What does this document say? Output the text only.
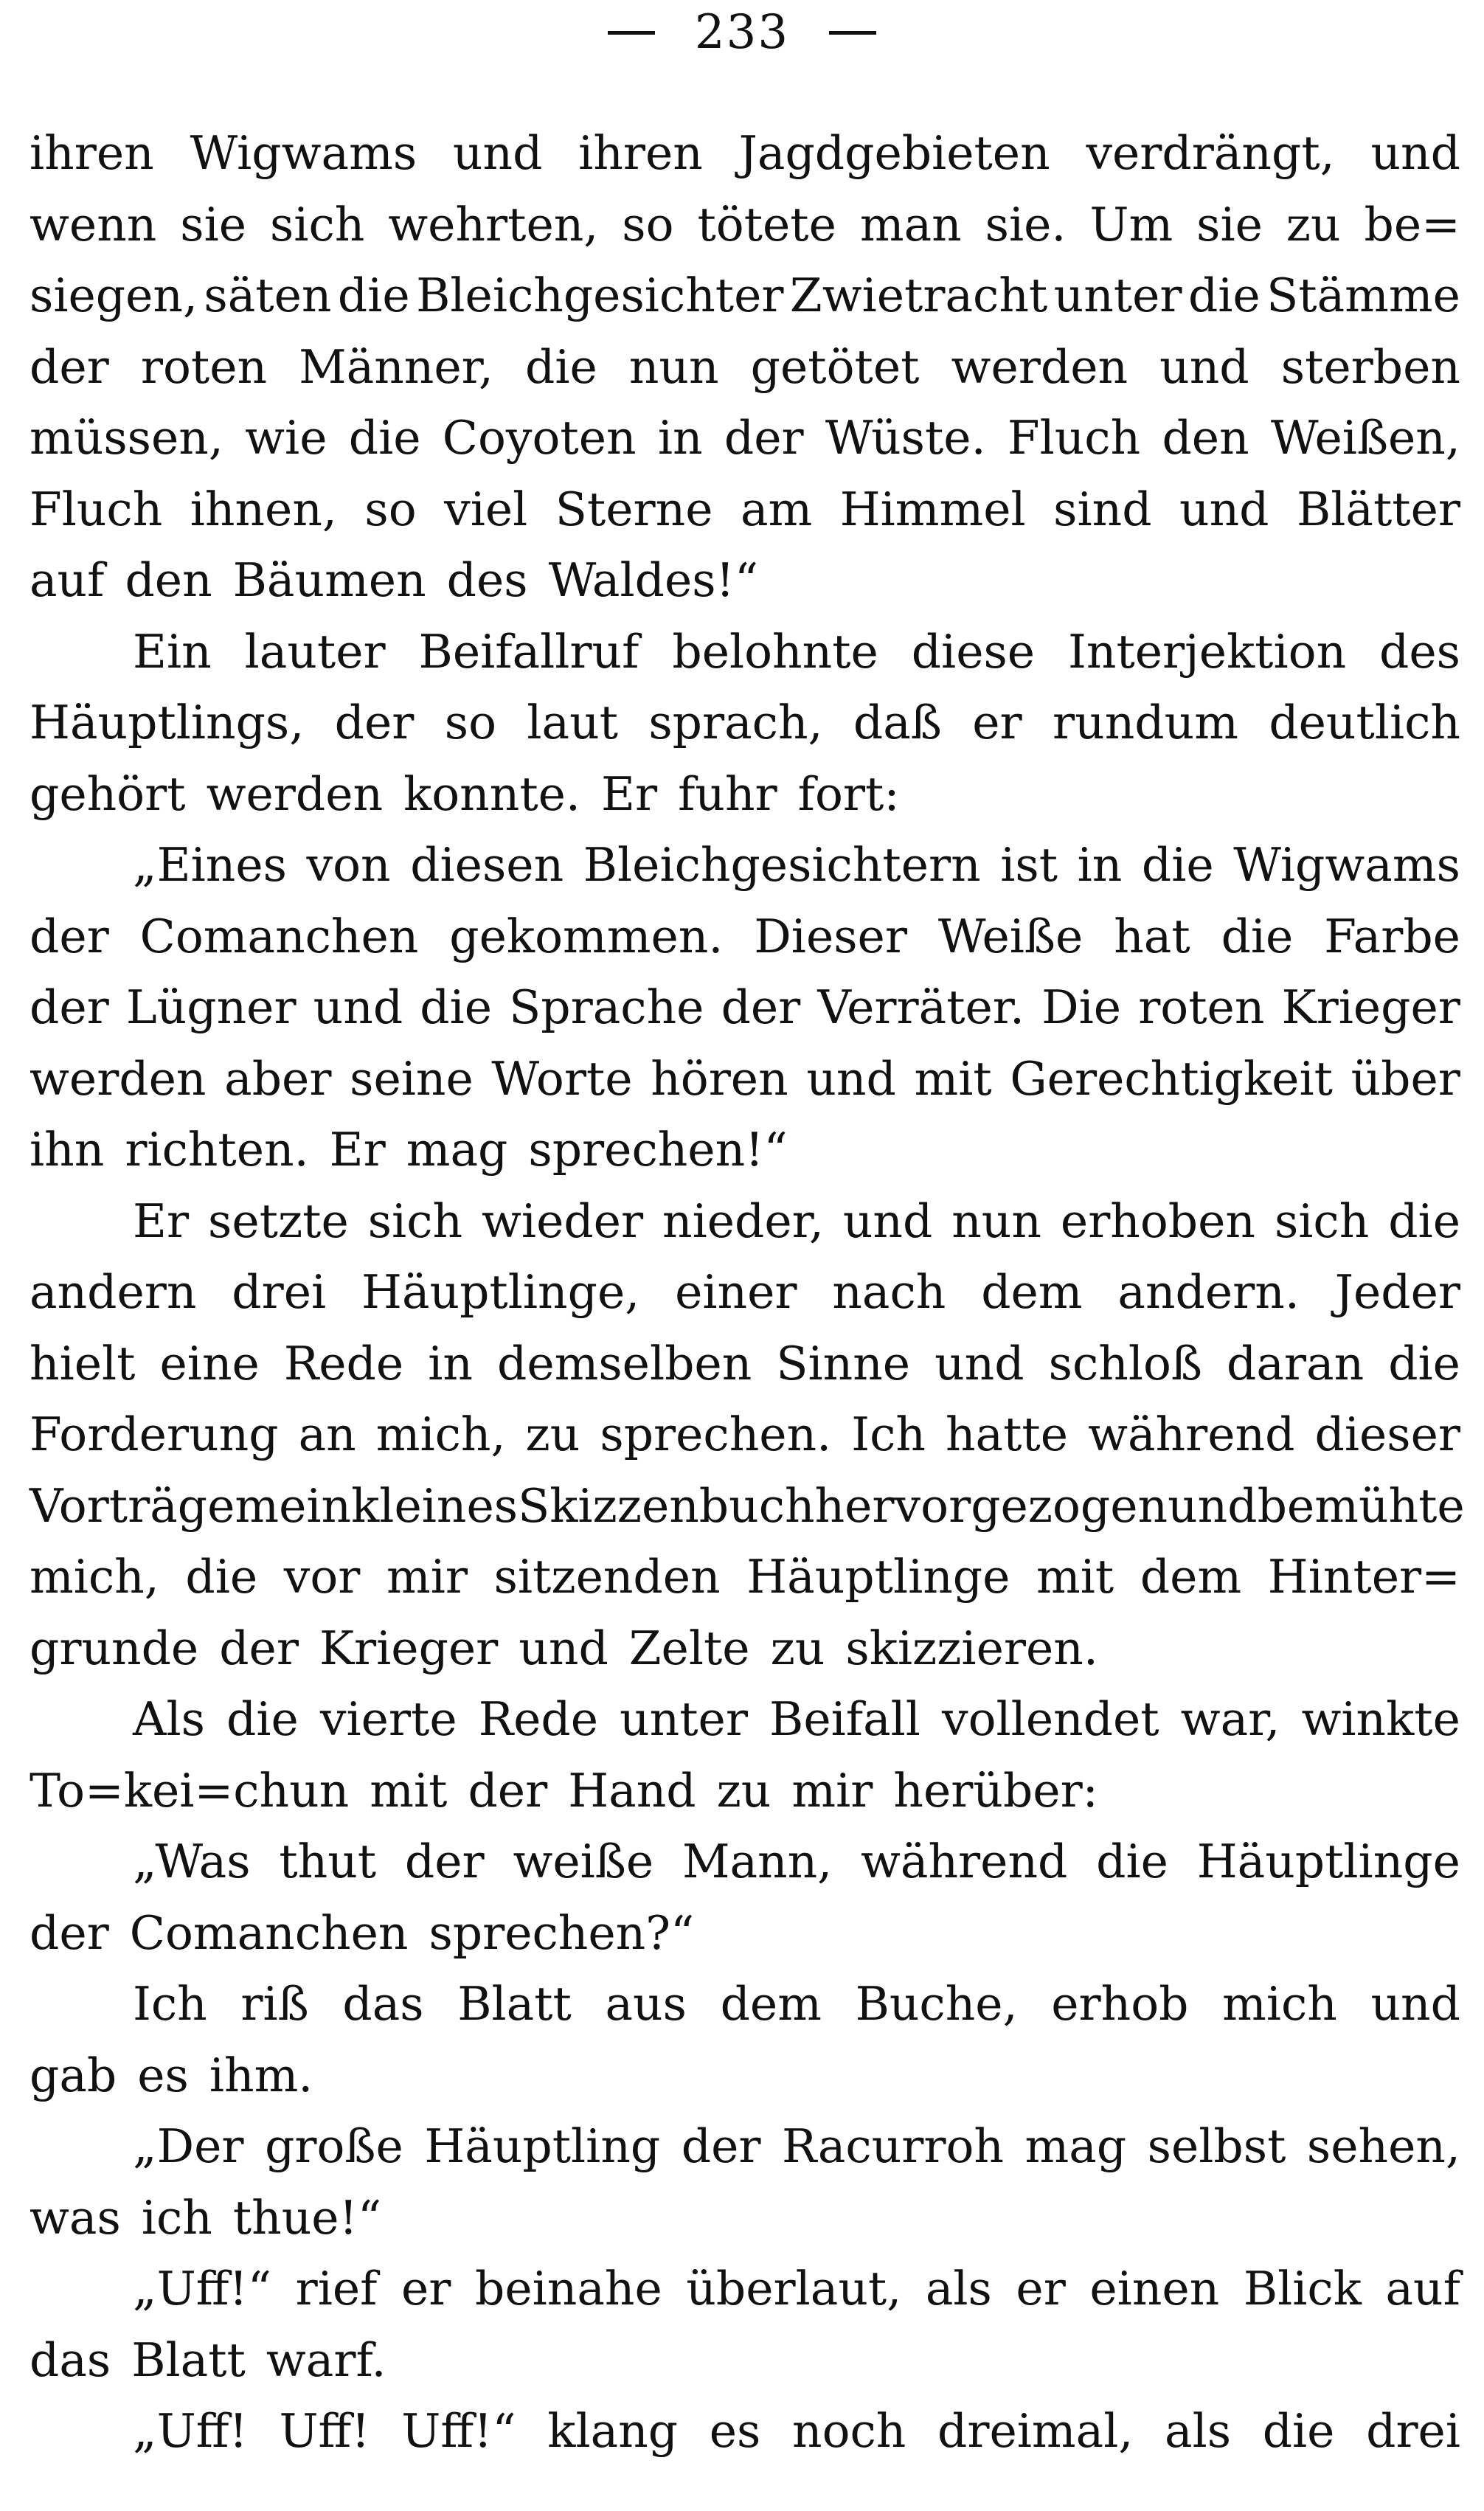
233
ihren Wigwams und ihren Jagdgebieten verdrängt, und
wenn sie sich wehrten, so tötete man sie. Um sie zu be=
siegen, säten die Bleichgesichter Zwietracht unter die Stämme
der roten Männer, die nun getötet werden und sterben
müssen, wie die Coyoten in der Wüste. Fluch den Weißen,
Fluch ihnen, so viel Sterne am Himmel sind und Blätter
auf den Bäumen des Waldes!“
Ein lauter Beifallruf belohnte diese Interjektion des
Häuptlings, der so laut sprach, daß er rundum deutlich
gehört werden konnte. Er fuhr fort:
„Eines von diesen Bleichgesichtern ist in die Wigwams
der Comanchen gekommen. Dieser Weiße hat die Farbe
der Lügner und die Sprache der Verräter. Die roten Krieger
werden aber seine Worte hören und mit Gerechtigkeit über
ihn richten. Er mag sprechen!“
Er setzte sich wieder nieder, und nun erhoben sich die
andern drei Häuptlinge, einer nach dem andern. Jeder
hielt eine Rede in demselben Sinne und schloß daran die
Forderung an mich, zu sprechen. Ich hatte während dieser
Vorträge mein kleines Skizzenbuch hervorgezogen und bemühte
mich, die vor mir sitzenden Häuptlinge mit dem Hinter=
grunde der Krieger und Zelte zu skizzieren.
Als die vierte Rede unter Beifall vollendet war, winkte
To=kei=chun mit der Hand zu mir herüber:
„Was thut der weiße Mann, während die Häuptlinge
der Comanchen sprechen?“
Ich riß das Blatt aus dem Buche, erhob mich und
gab es ihm.
„Der große Häuptling der Racurroh mag selbst sehen,
was ich thue!“
„Uff!“ rief er beinahe überlaut, als er einen Blick auf
das Blatt warf.
„Uff! Uff! Uff!“ klang es noch dreimal, als die drei
